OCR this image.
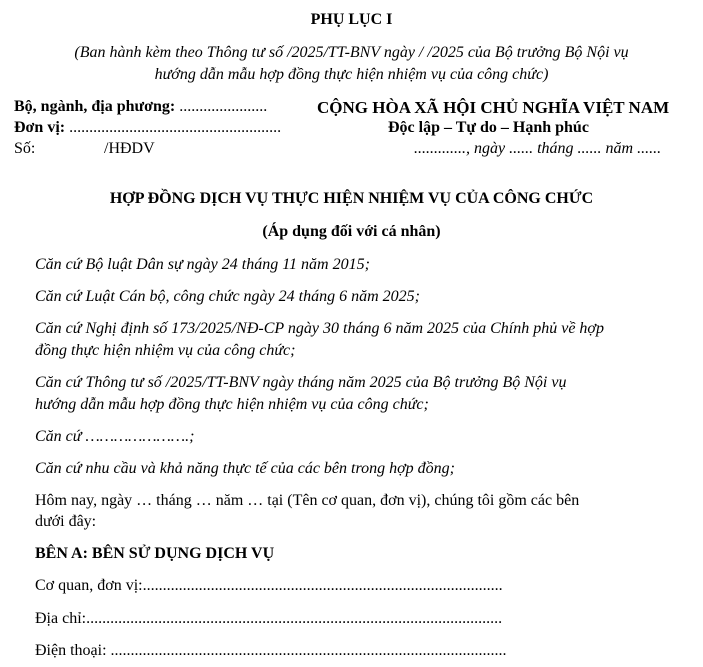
PHỤ LỤC I
(Ban hành kèm theo Thông tư số /2025/TT-BNV ngày / /2025 của Bộ trưởng Bộ Nội vụ
hướng dẫn mẫu hợp đồng thực hiện nhiệm vụ của công chức)
Bộ, ngành, địa phương: ......................
Đơn vị: .....................................................
Số:	/HĐDV
CỘNG HÒA XÃ HỘI CHỦ NGHĨA VIỆT NAM
Độc lập – Tự do – Hạnh phúc
............., ngày ...... tháng ...... năm ......
HỢP ĐỒNG DỊCH VỤ THỰC HIỆN NHIỆM VỤ CỦA CÔNG CHỨC
(Áp dụng đối với cá nhân)
Căn cứ Bộ luật Dân sự ngày 24 tháng 11 năm 2015;
Căn cứ Luật Cán bộ, công chức ngày 24 tháng 6 năm 2025;
Căn cứ Nghị định số 173/2025/NĐ-CP ngày 30 tháng 6 năm 2025 của Chính phủ về hợp
đồng thực hiện nhiệm vụ của công chức;
Căn cứ Thông tư số /2025/TT-BNV ngày tháng năm 2025 của Bộ trưởng Bộ Nội vụ
hướng dẫn mẫu hợp đồng thực hiện nhiệm vụ của công chức;
Căn cứ ………………….;
Căn cứ nhu cầu và khả năng thực tế của các bên trong hợp đồng;
Hôm nay, ngày … tháng … năm … tại (Tên cơ quan, đơn vị), chúng tôi gồm các bên
dưới đây:
BÊN A: BÊN SỬ DỤNG DỊCH VỤ
Cơ quan, đơn vị:..........................................................................................
Địa chỉ:........................................................................................................
Điện thoại: ...................................................................................................
